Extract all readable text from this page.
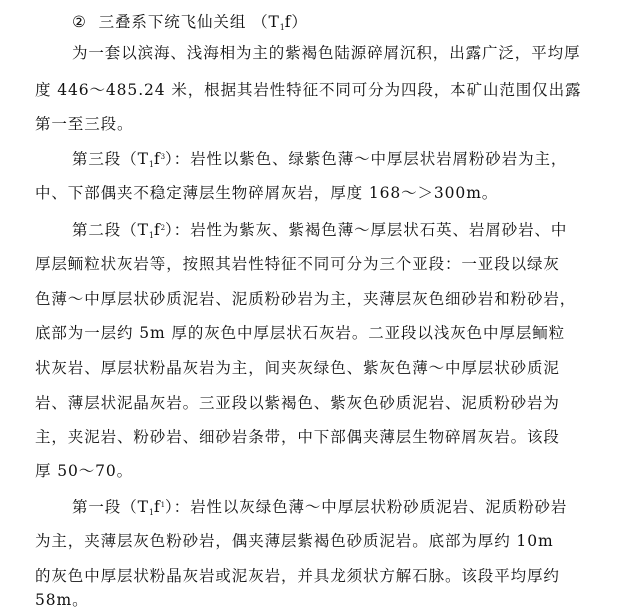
② 三叠系下统飞仙关组 （T1f）
为一套以滨海、浅海相为主的紫褐色陆源碎屑沉积，出露广泛，平均厚
度 446～485.24 米，根据其岩性特征不同可分为四段，本矿山范围仅出露
第一至三段。
第三段$(T1f^3)$：岩性以紫色、绿紫色薄～中厚层状岩屑粉砂岩为主，
中、下部偶夹不稳定薄层生物碎屑灰岩，厚度 168～＞300m。
第二段$(T1f^2)$：岩性为紫灰、紫褐色薄～厚层状石英、岩屑砂岩、中
厚层鲕粒状灰岩等，按照其岩性特征不同可分为三个亚段：一亚段以绿灰
色薄～中厚层状砂质泥岩、泥质粉砂岩为主，夹薄层灰色细砂岩和粉砂岩，
底部为一层约 5m 厚的灰色中厚层状石灰岩。二亚段以浅灰色中厚层鲕粒
状灰岩、厚层状粉晶灰岩为主，间夹灰绿色、紫灰色薄～中厚层状砂质泥
岩、薄层状泥晶灰岩。三亚段以紫褐色、紫灰色砂质泥岩、泥质粉砂岩为
主，夹泥岩、粉砂岩、细砂岩条带，中下部偶夹薄层生物碎屑灰岩。该段
厚 50～70。
第一段$(T1f^1)$：岩性以灰绿色薄～中厚层状粉砂质泥岩、泥质粉砂岩
为主，夹薄层灰色粉砂岩，偶夹薄层紫褐色砂质泥岩。底部为厚约 10m
的灰色中厚层状粉晶灰岩或泥灰岩，并具龙须状方解石脉。该段平均厚约
58m。
